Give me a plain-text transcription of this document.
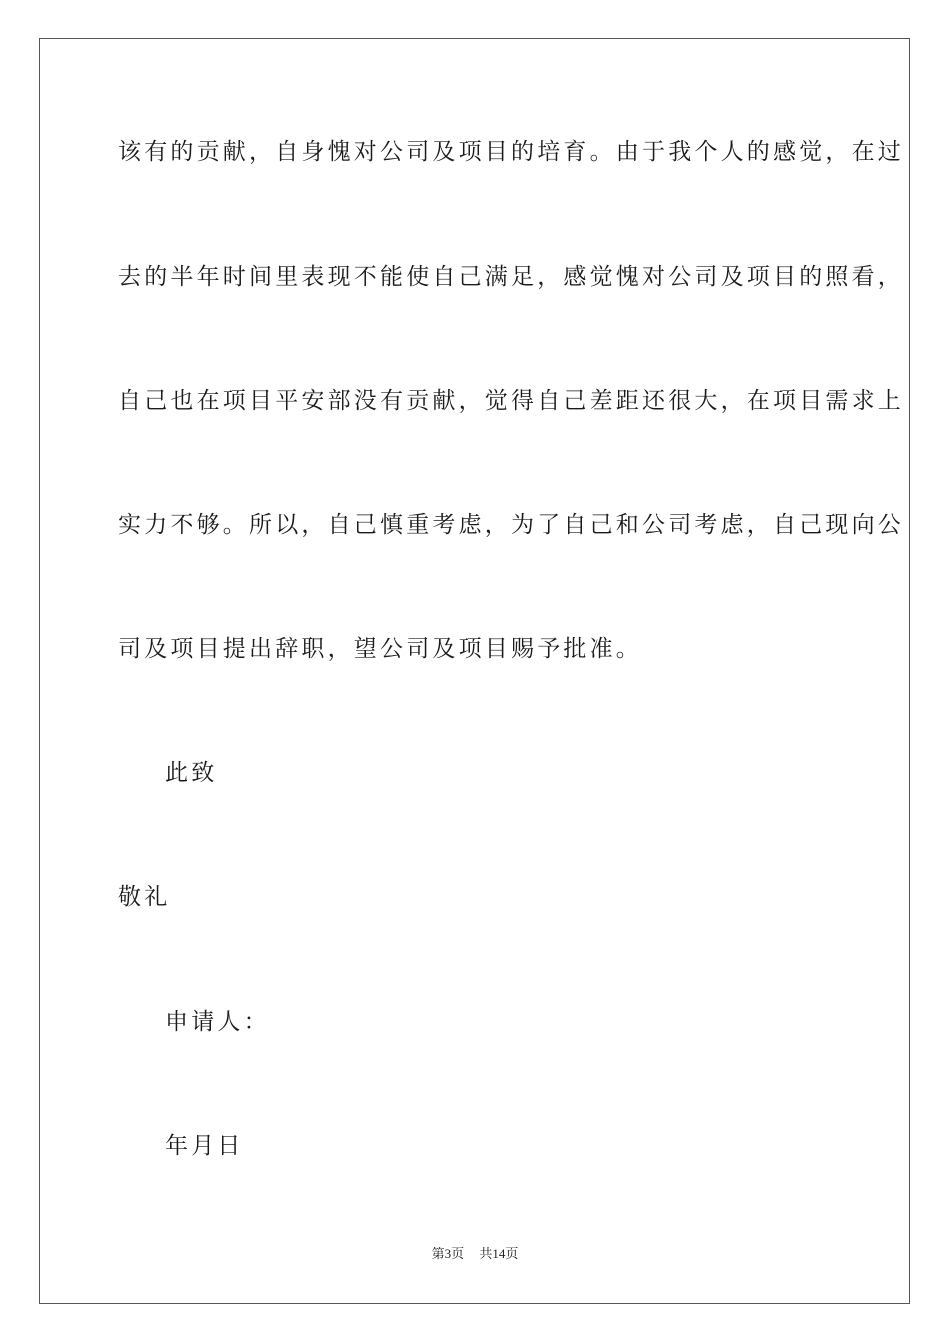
该有的贡献，自身愧对公司及项目的培育。由于我个人的感觉，在过
去的半年时间里表现不能使自己满足，感觉愧对公司及项目的照看，
自己也在项目平安部没有贡献，觉得自己差距还很大，在项目需求上
实力不够。所以，自己慎重考虑，为了自己和公司考虑，自己现向公
司及项目提出辞职，望公司及项目赐予批准。
此致
敬礼
申请人：
年月日
第3页 共14页
